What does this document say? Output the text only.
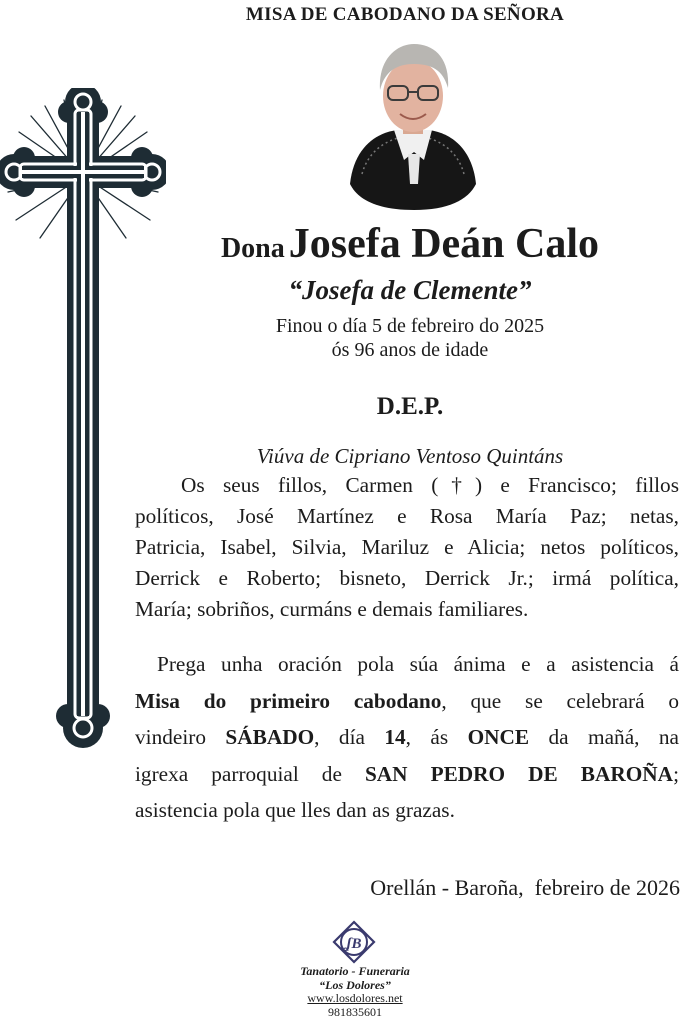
MISA DE CABODANO DA SEÑORA
Dona Josefa Deán Calo
“Josefa de Clemente”
Finou o día 5 de febreiro do 2025
ós 96 anos de idade
D.E.P.
Viúva de Cipriano Ventoso Quintáns
Os seus fillos, Carmen (†) e Francisco; fillos
políticos, José Martínez e Rosa María Paz; netas,
Patricia, Isabel, Silvia, Mariluz e Alicia; netos políticos,
Derrick e Roberto; bisneto, Derrick Jr.; irmá política,
María; sobriños, curmáns e demais familiares.
Prega unha oración pola súa ánima e a asistencia á
Misa do primeiro cabodano, que se celebrará o
vindeiro SÁBADO, día 14, ás ONCE da mañá, na
igrexa parroquial de SAN PEDRO DE BAROÑA;
asistencia pola que lles dan as grazas.
Orellán - Baroña,  febreiro de 2026
ʆB
Tanatorio - Funeraria
“Los Dolores”
www.losdolores.net
981835601
